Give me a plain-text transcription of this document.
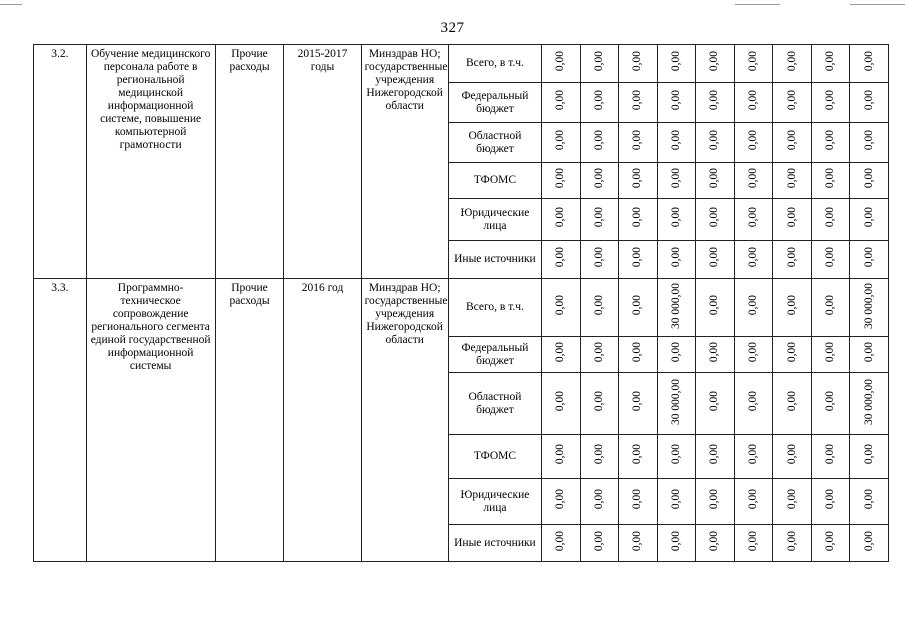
327
3.2.	Обучение медицинского персонала работе в региональной медицинской информационной системе, повышение компьютерной грамотности	Прочие расходы	2015-2017 годы	Минздрав НО; государственные учреждения Нижегородской области	Всего, в т.ч.	0,00	0,00	0,00	0,00	0,00	0,00	0,00	0,00	0,00
					Федеральный бюджет	0,00	0,00	0,00	0,00	0,00	0,00	0,00	0,00	0,00
					Областной бюджет	0,00	0,00	0,00	0,00	0,00	0,00	0,00	0,00	0,00
					ТФОМС	0,00	0,00	0,00	0,00	0,00	0,00	0,00	0,00	0,00
					Юридические лица	0,00	0,00	0,00	0,00	0,00	0,00	0,00	0,00	0,00
					Иные источники	0,00	0,00	0,00	0,00	0,00	0,00	0,00	0,00	0,00
3.3.	Программно-техническое сопровождение регионального сегмента единой государственной информационной системы	Прочие расходы	2016 год	Минздрав НО; государственные учреждения Нижегородской области	Всего, в т.ч.	0,00	0,00	0,00	30 000,00	0,00	0,00	0,00	0,00	30 000,00
					Федеральный бюджет	0,00	0,00	0,00	0,00	0,00	0,00	0,00	0,00	0,00
					Областной бюджет	0,00	0,00	0,00	30 000,00	0,00	0,00	0,00	0,00	30 000,00
					ТФОМС	0,00	0,00	0,00	0,00	0,00	0,00	0,00	0,00	0,00
					Юридические лица	0,00	0,00	0,00	0,00	0,00	0,00	0,00	0,00	0,00
					Иные источники	0,00	0,00	0,00	0,00	0,00	0,00	0,00	0,00	0,00
